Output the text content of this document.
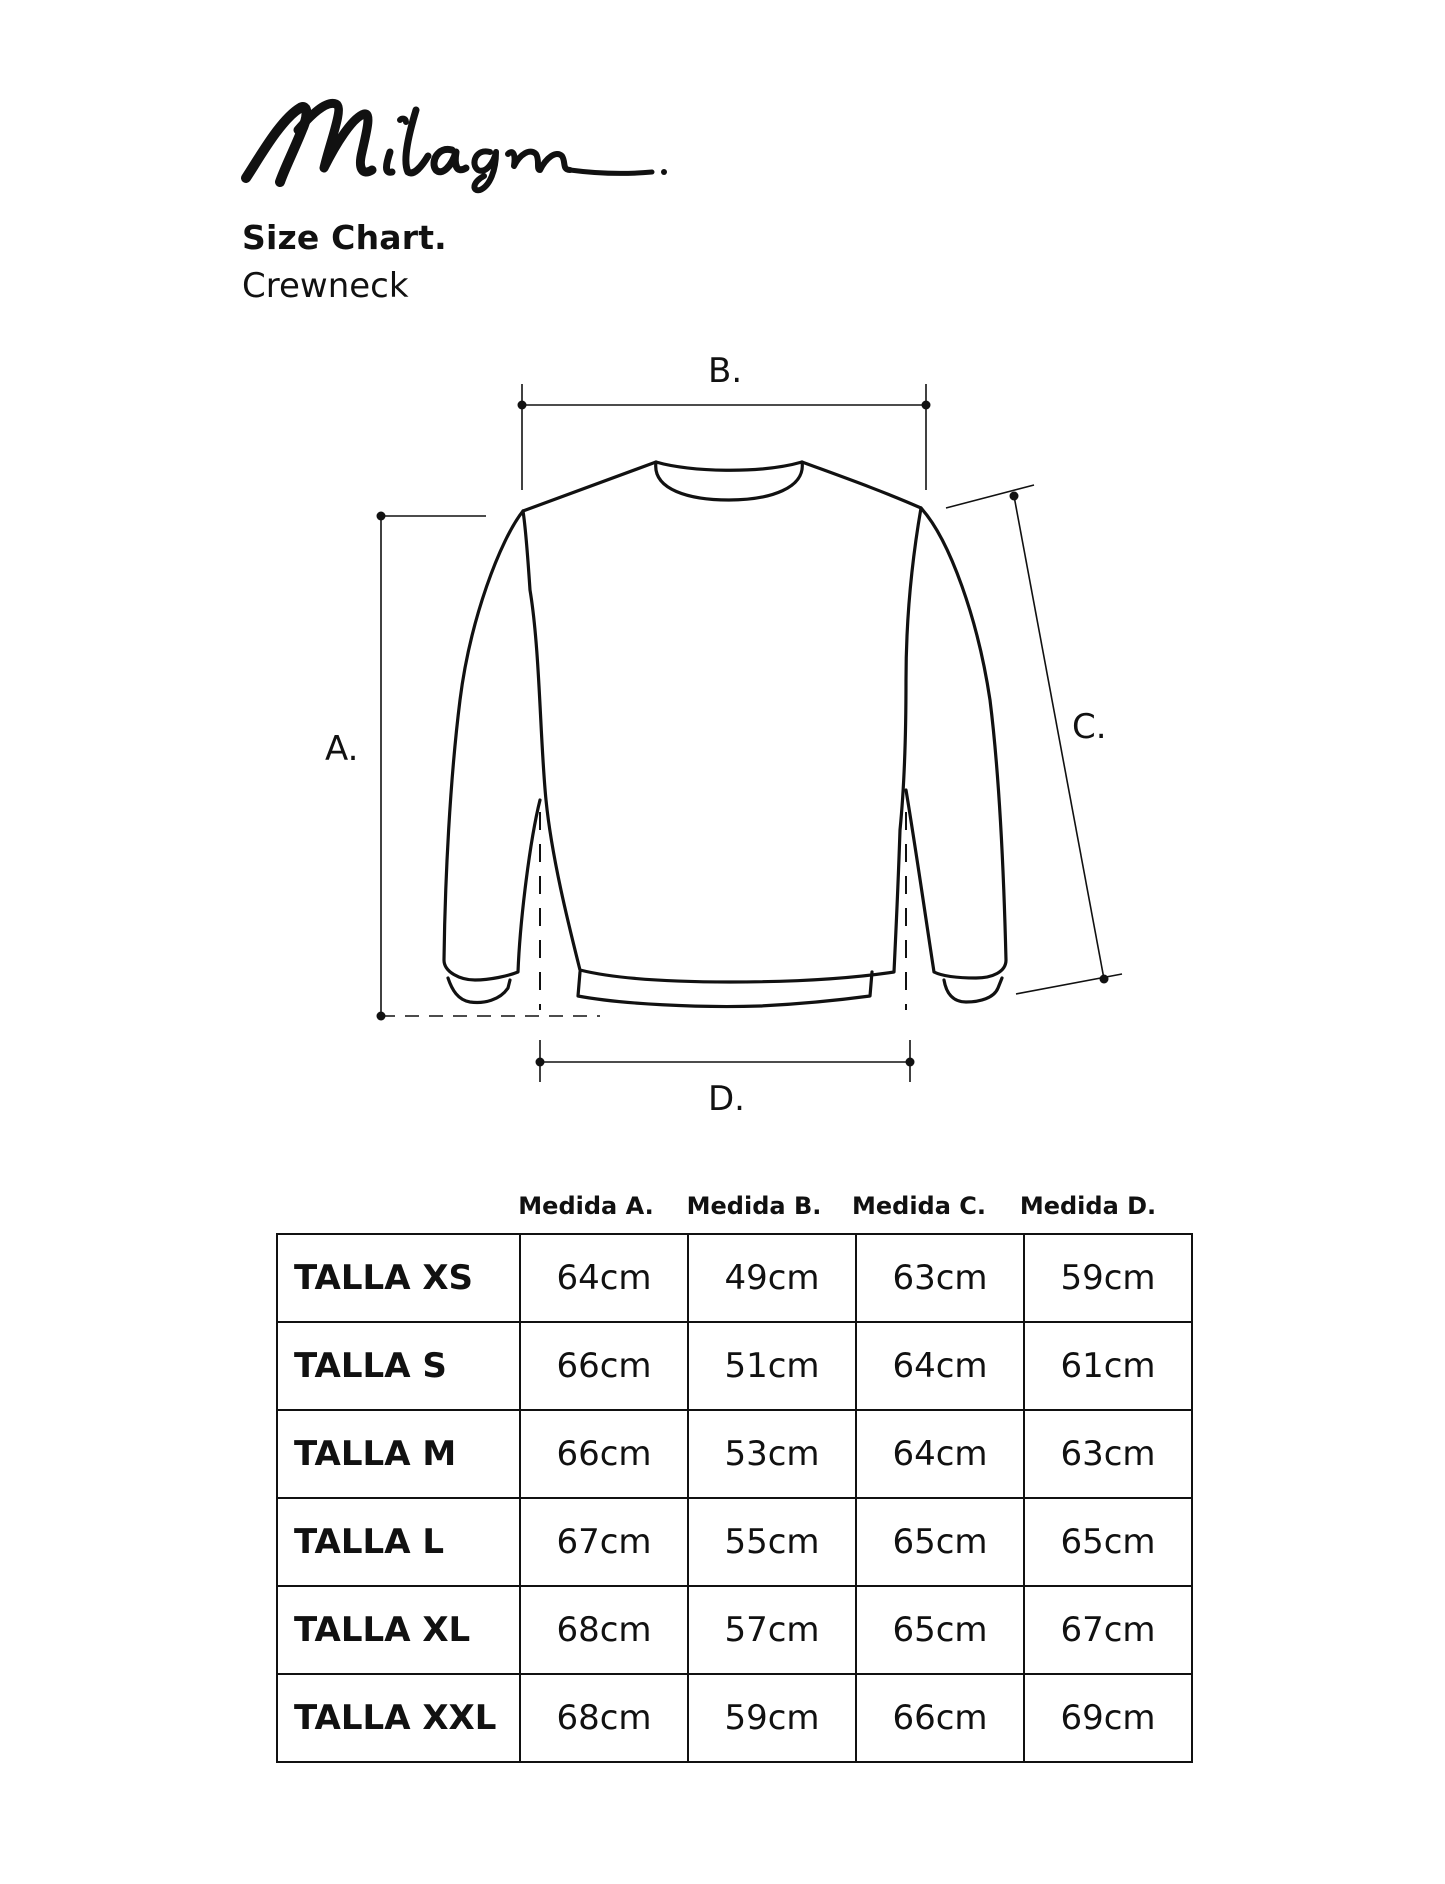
Size Chart.
Crewneck
A.
B.
C.
D.
Medida A.	Medida B.	Medida C.	Medida D.
TALLA XS	64cm	49cm	63cm	59cm
TALLA S	66cm	51cm	64cm	61cm
TALLA M	66cm	53cm	64cm	63cm
TALLA L	67cm	55cm	65cm	65cm
TALLA XL	68cm	57cm	65cm	67cm
TALLA XXL	68cm	59cm	66cm	69cm
